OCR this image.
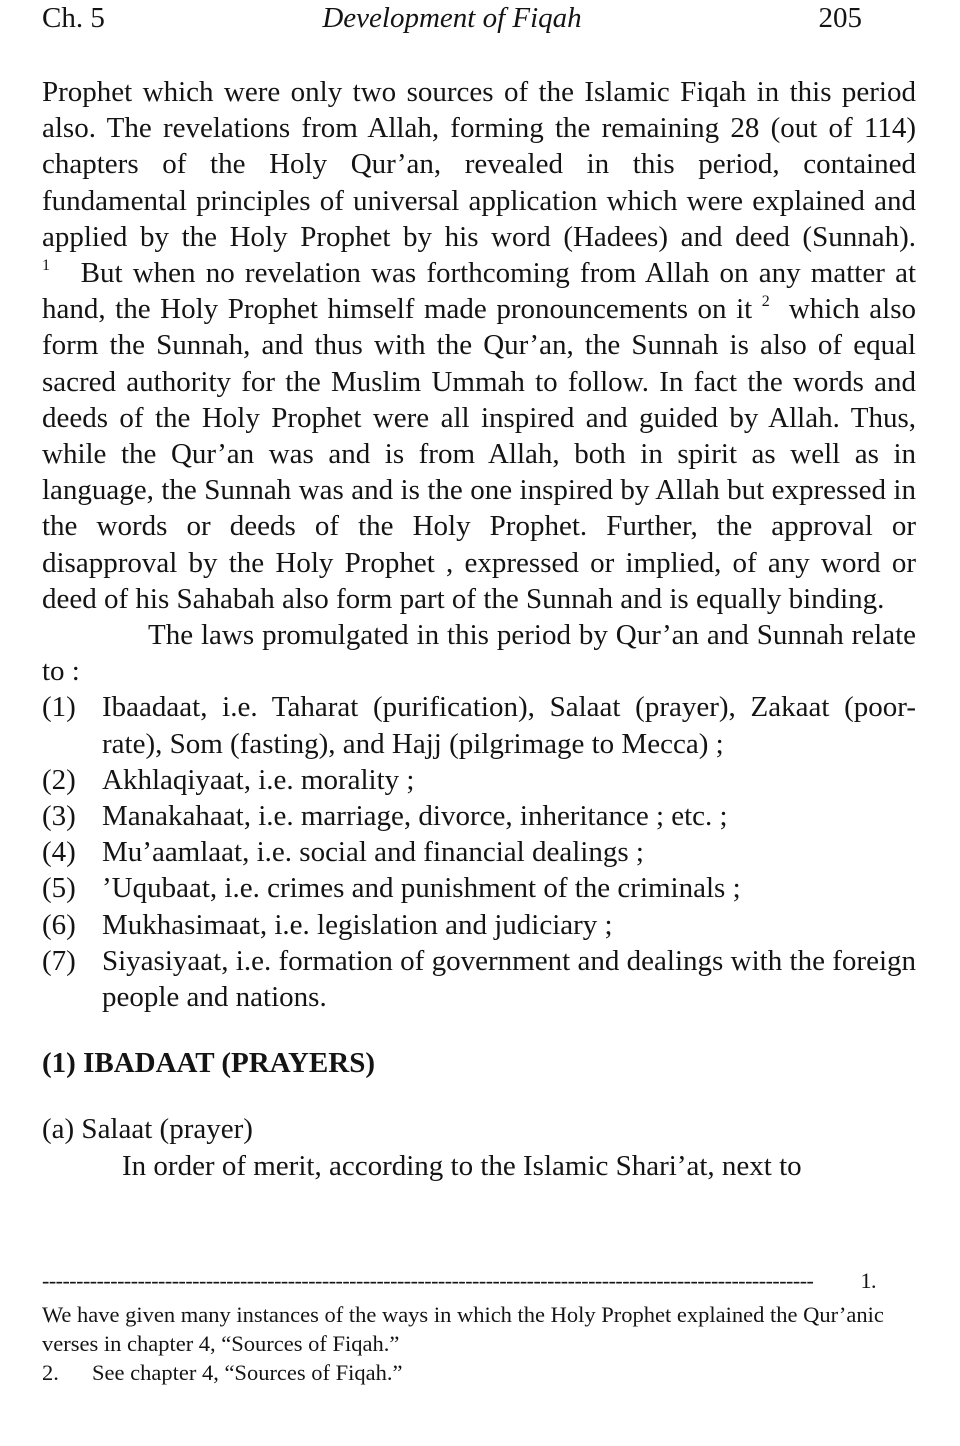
Development of Fiqah
Ch. 5	205

Prophet which were only two sources of the Islamic Fiqah in this period also. The revelations from Allah, forming the remaining 28 (out of 114) chapters of the Holy Qur’an, revealed in this period, contained fundamental principles of universal application which were explained and applied by the Holy Prophet by his word (Hadees) and deed (Sunnah). $^1$ But when no revelation was forthcoming from Allah on any matter at hand, the Holy Prophet himself made pronouncements on it $^2$ which also form the Sunnah, and thus with the Qur’an, the Sunnah is also of equal sacred authority for the Muslim Ummah to follow. In fact the words and deeds of the Holy Prophet were all inspired and guided by Allah. Thus, while the Qur’an was and is from Allah, both in spirit as well as in language, the Sunnah was and is the one inspired by Allah but expressed in the words or deeds of the Holy Prophet. Further, the approval or disapproval by the Holy Prophet , expressed or implied, of any word or deed of his Sahabah also form part of the Sunnah and is equally binding.

The laws promulgated in this period by Qur’an and Sunnah relate to :

(1) Ibaadaat, i.e. Taharat (purification), Salaat (prayer), Zakaat (poor-rate), Som (fasting), and Hajj (pilgrimage to Mecca) ;
(2) Akhlaqiyaat, i.e. morality ;
(3) Manakahaat, i.e. marriage, divorce, inheritance ; etc. ;
(4) Mu’aamlaat, i.e. social and financial dealings ;
(5) ’Uqubaat, i.e. crimes and punishment of the criminals ;
(6) Mukhasimaat, i.e. legislation and judiciary ;
(7) Siyasiyaat, i.e. formation of government and dealings with the foreign people and nations.
(1) IBADAAT (PRAYERS)

(a) Salaat (prayer)

In order of merit, according to the Islamic Shari’at, next to

----------------------------------------------------------------------------------------------------------------- 1.

We have given many instances of the ways in which the Holy Prophet explained the Qur’anic verses in chapter 4, “Sources of Fiqah.”

2. See chapter 4, “Sources of Fiqah.”
